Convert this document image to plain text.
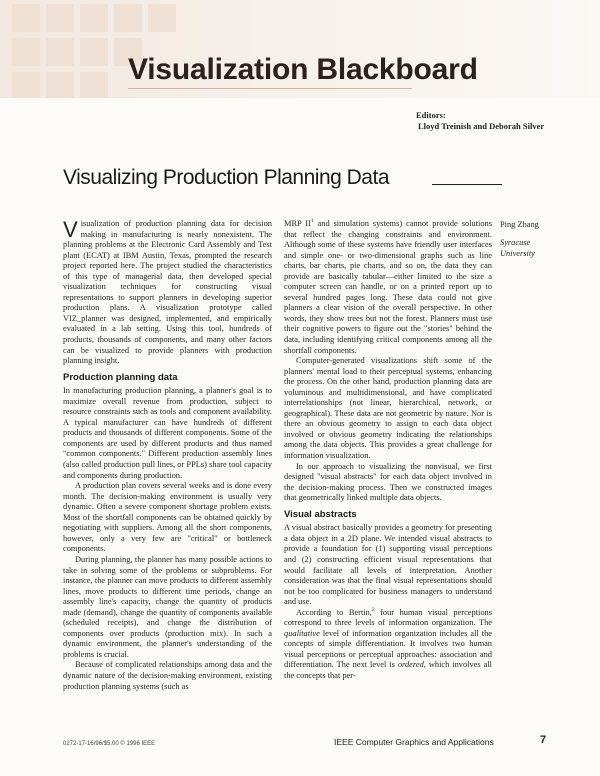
Visualization Blackboard
Editors:
Lloyd Treinish and Deborah Silver
Visualizing Production Planning Data

Visualization of production planning data for decision making in manufacturing is nearly nonexistent. The planning problems at the Electronic Card Assembly and Test plant (ECAT) at IBM Austin, Texas, prompted the research project reported here. The project studied the characteristics of this type of managerial data, then developed special visualization techniques for constructing visual representations to support planners in developing superior production plans. A visualization prototype called VIZ_planner was designed, implemented, and empirically evaluated in a lab setting. Using this tool, hundreds of products, thousands of components, and many other factors can be visualized to provide planners with production planning insight.

Production planning data

In manufacturing production planning, a planner's goal is to maximize overall revenue from production, subject to resource constraints such as tools and component availability. A typical manufacturer can have hundreds of different products and thousands of different components. Some of the components are used by different products and thus named "common components." Different production assembly lines (also called production pull lines, or PPLs) share tool capacity and components during production.

A production plan covers several weeks and is done every month. The decision-making environment is usually very dynamic. Often a severe component shortage problem exists. Most of the shortfall components can be obtained quickly by negotiating with suppliers. Among all the short components, however, only a very few are "critical" or bottleneck components.

During planning, the planner has many possible actions to take in solving some of the problems or subproblems. For instance, the planner can move products to different assembly lines, move products to different time periods, change an assembly line's capacity, change the quantity of products made (demand), change the quantity of components available (scheduled receipts), and change the distribution of components over products (production mix). In such a dynamic environment, the planner's understanding of the problems is crucial.

Because of complicated relationships among data and the dynamic nature of the decision-making environment, existing production planning systems (such as

MRP $II^1$ and simulation systems) cannot provide solutions that reflect the changing constraints and environment. Although some of these systems have friendly user interfaces and simple one- or two-dimensional graphs such as line charts, bar charts, pie charts, and so on, the data they can provide are basically tabular—either limited to the size a computer screen can handle, or on a printed report up to several hundred pages long. These data could not give planners a clear vision of the overall perspective. In other words, they show trees but not the forest. Planners must use their cognitive powers to figure out the "stories" behind the data, including identifying critical components among all the shortfall components.

Computer-generated visualizations shift some of the planners' mental load to their perceptual systems, enhancing the process. On the other hand, production planning data are voluminous and multidimensional, and have complicated interrelationships (not linear, hierarchical, network, or geographical). These data are not geometric by nature. Nor is there an obvious geometry to assign to each data object involved or obvious geometry indicating the relationships among the data objects. This provides a great challenge for information visualization.

In our approach to visualizing the nonvisual, we first designed "visual abstracts" for each data object involved in the decision-making process. Then we constructed images that geometrically linked multiple data objects.

Visual abstracts

A visual abstract basically provides a geometry for presenting a data object in a 2D plane. We intended visual abstracts to provide a foundation for (1) supporting visual perceptions and (2) constructing efficient visual representations that would facilitate all levels of interpretation. Another consideration was that the final visual representations should not be too complicated for business managers to understand and use.

According to Bertin,$^2$ four human visual perceptions correspond to three levels of information organization. The qualitative level of information organization includes all the concepts of simple differentiation. It involves two human visual perceptions or perceptual approaches: association and differentiation. The next level is ordered, which involves all the concepts that per-

Ping Zhang
Syracuse
University
0272-17-16/96/$5.00 © 1996 IEEE	IEEE Computer Graphics and Applications	7
